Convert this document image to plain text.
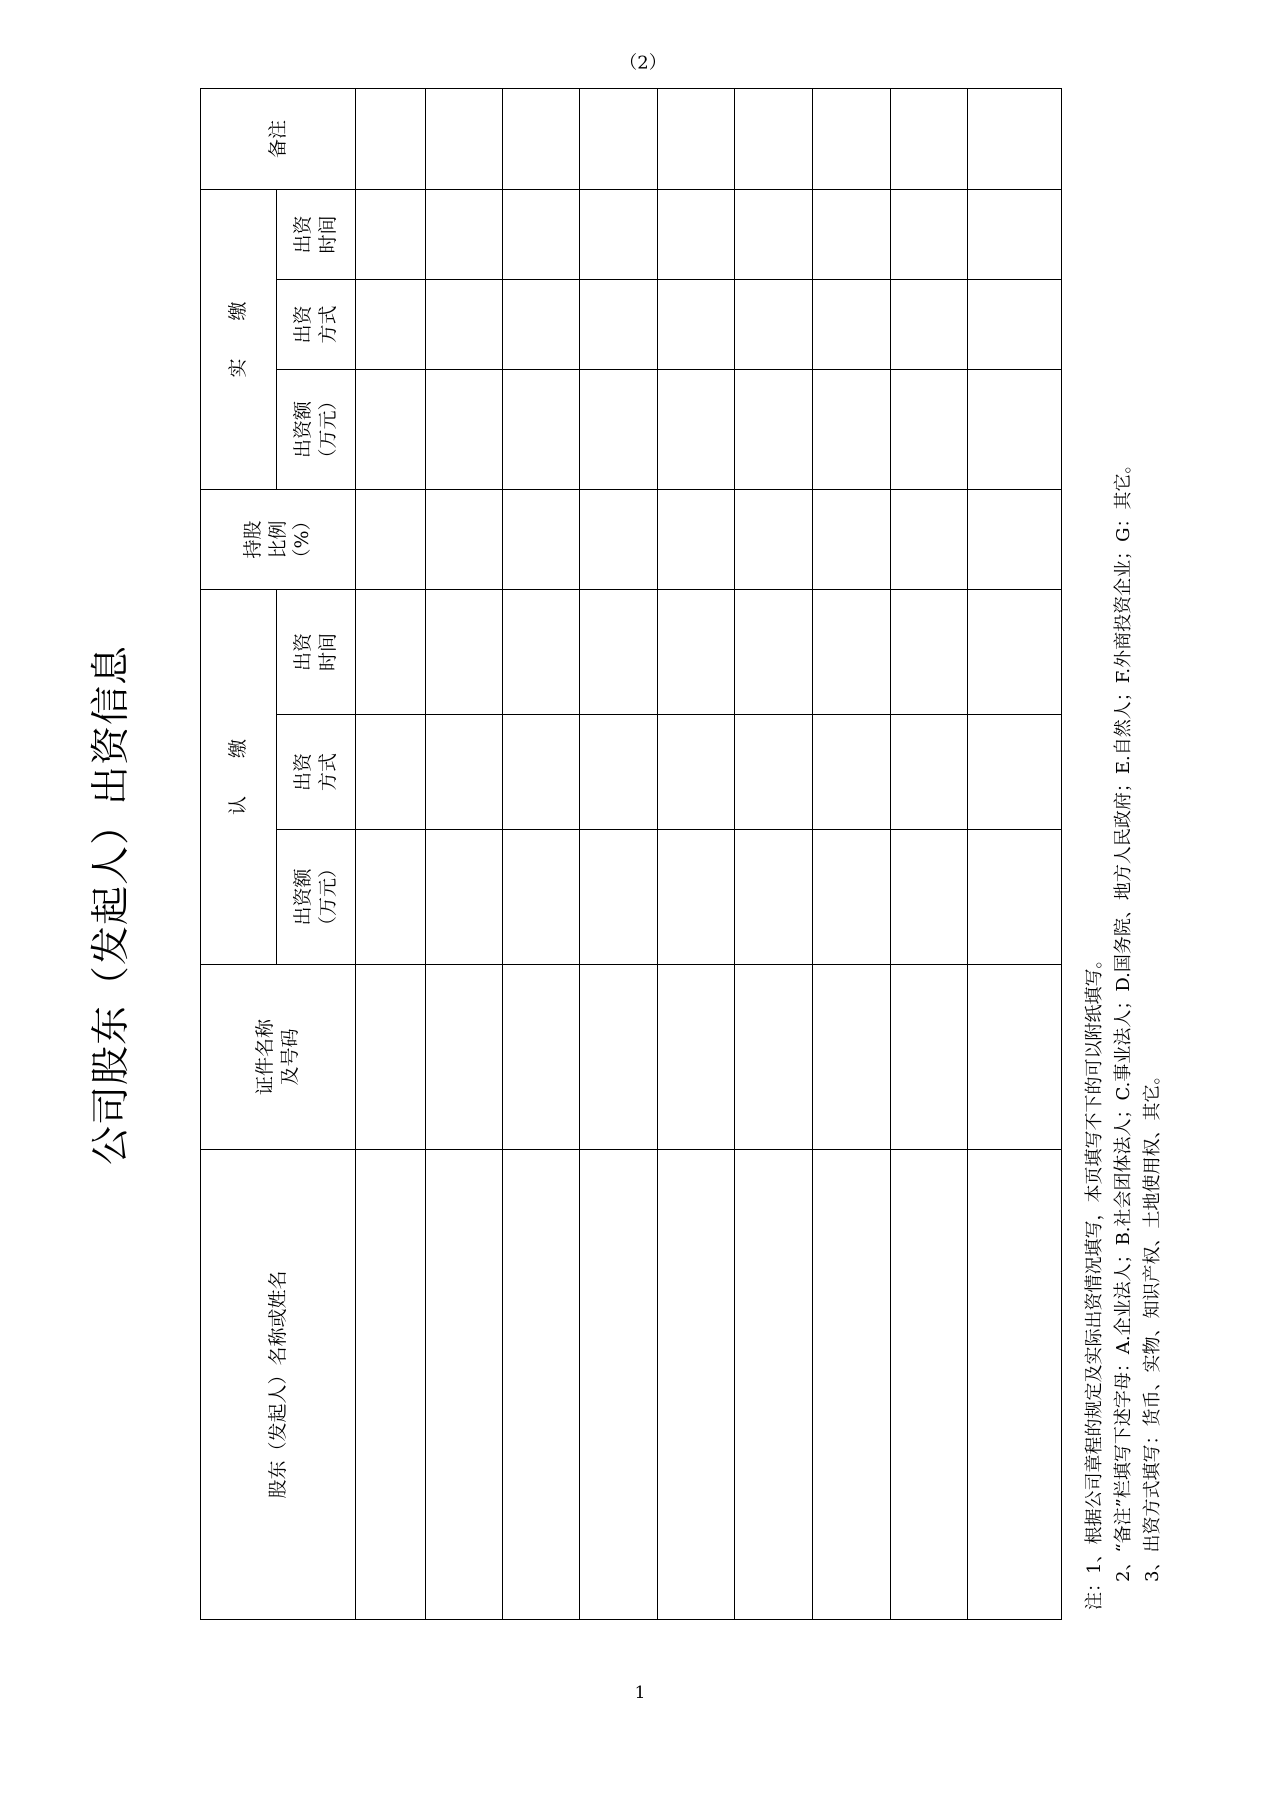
公司股东（发起人）出资信息
股东（发起人）名称或姓名
证件名称
及号码
认　　缴
持股
比例
（%）
实　　缴
备注
出资额
（万元）
出资
方式
出资
时间
出资额
（万元）
出资
方式
出资
时间
（2）
注：1、根据公司章程的规定及实际出资情况填写，本页填写不下的可以附纸填写。 2、“备注”栏填写下述字母：A.企业法人；B.社会团体法人；C.事业法人；D.国务院、地方人民政府；E.自然人；F.外商投资企业；G：其它。 3、出资方式填写：货币、实物、知识产权、土地使用权、其它。
1
